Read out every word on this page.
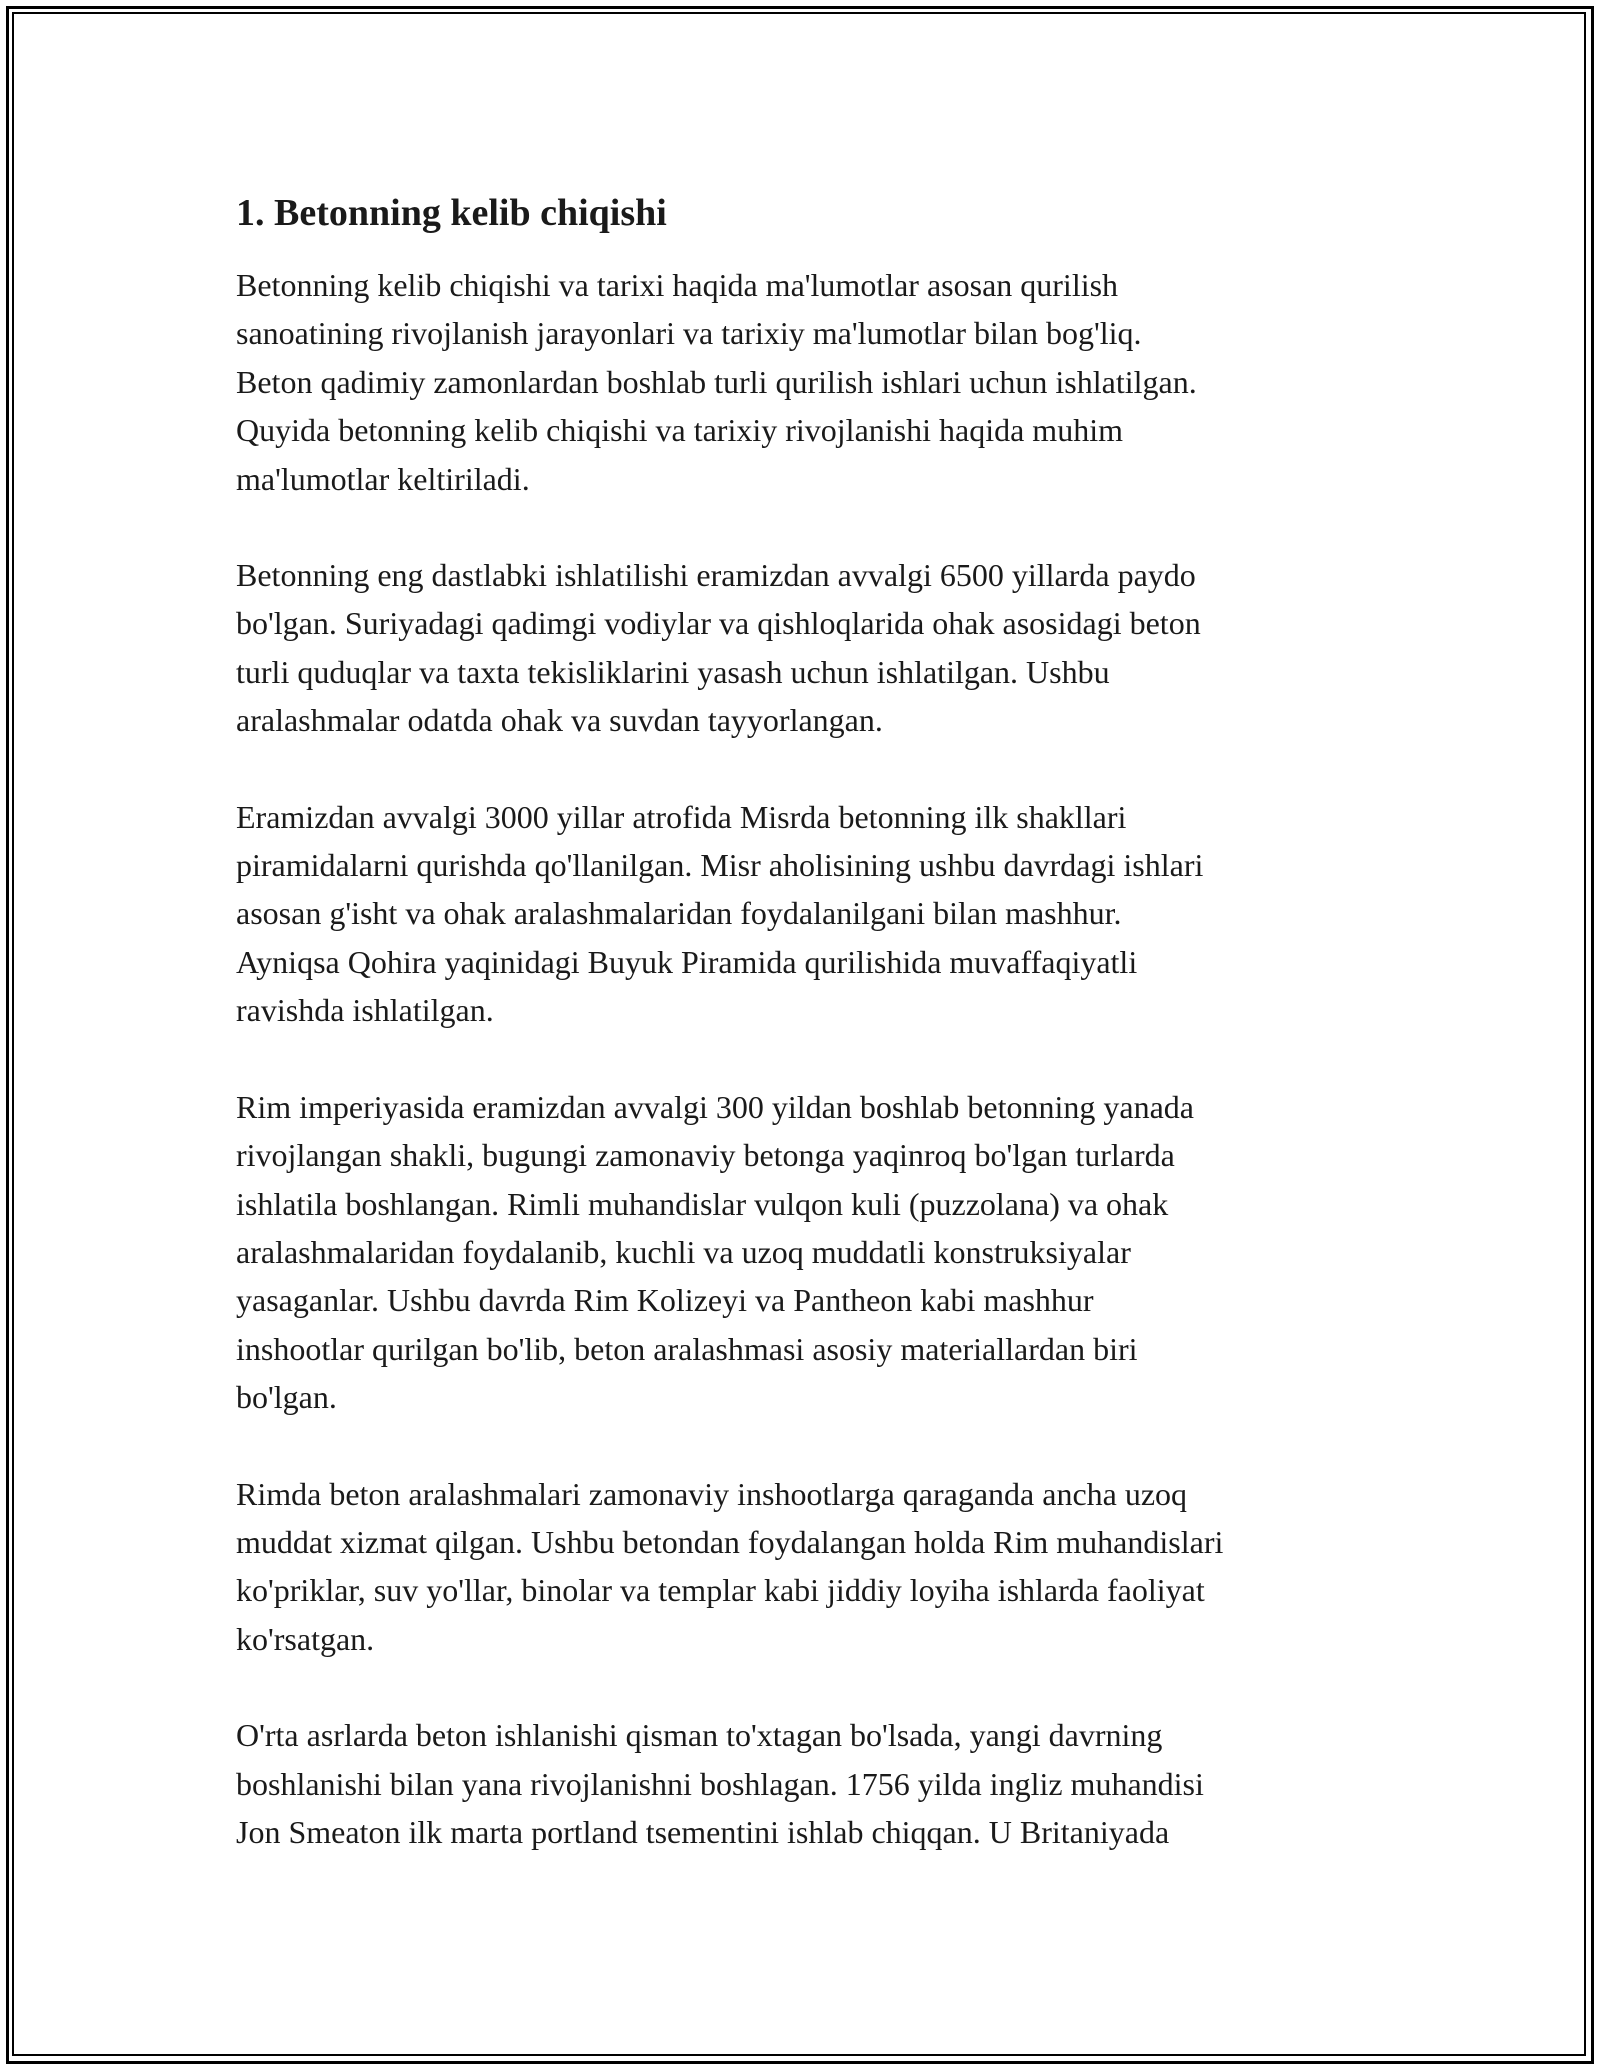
1. Betonning kelib chiqishi

Betonning kelib chiqishi va tarixi haqida ma'lumotlar asosan qurilish
sanoatining rivojlanish jarayonlari va tarixiy ma'lumotlar bilan bog'liq.
Beton qadimiy zamonlardan boshlab turli qurilish ishlari uchun ishlatilgan.
Quyida betonning kelib chiqishi va tarixiy rivojlanishi haqida muhim
ma'lumotlar keltiriladi.

Betonning eng dastlabki ishlatilishi eramizdan avvalgi 6500 yillarda paydo
bo'lgan. Suriyadagi qadimgi vodiylar va qishloqlarida ohak asosidagi beton
turli quduqlar va taxta tekisliklarini yasash uchun ishlatilgan. Ushbu
aralashmalar odatda ohak va suvdan tayyorlangan.

Eramizdan avvalgi 3000 yillar atrofida Misrda betonning ilk shakllari
piramidalarni qurishda qo'llanilgan. Misr aholisining ushbu davrdagi ishlari
asosan g'isht va ohak aralashmalaridan foydalanilgani bilan mashhur.
Ayniqsa Qohira yaqinidagi Buyuk Piramida qurilishida muvaffaqiyatli
ravishda ishlatilgan.

Rim imperiyasida eramizdan avvalgi 300 yildan boshlab betonning yanada
rivojlangan shakli, bugungi zamonaviy betonga yaqinroq bo'lgan turlarda
ishlatila boshlangan. Rimli muhandislar vulqon kuli (puzzolana) va ohak
aralashmalaridan foydalanib, kuchli va uzoq muddatli konstruksiyalar
yasaganlar. Ushbu davrda Rim Kolizeyi va Pantheon kabi mashhur
inshootlar qurilgan bo'lib, beton aralashmasi asosiy materiallardan biri
bo'lgan.

Rimda beton aralashmalari zamonaviy inshootlarga qaraganda ancha uzoq
muddat xizmat qilgan. Ushbu betondan foydalangan holda Rim muhandislari
ko'priklar, suv yo'llar, binolar va templar kabi jiddiy loyiha ishlarda faoliyat
ko'rsatgan.

O'rta asrlarda beton ishlanishi qisman to'xtagan bo'lsada, yangi davrning
boshlanishi bilan yana rivojlanishni boshlagan. 1756 yilda ingliz muhandisi
Jon Smeaton ilk marta portland tsementini ishlab chiqqan. U Britaniyada
